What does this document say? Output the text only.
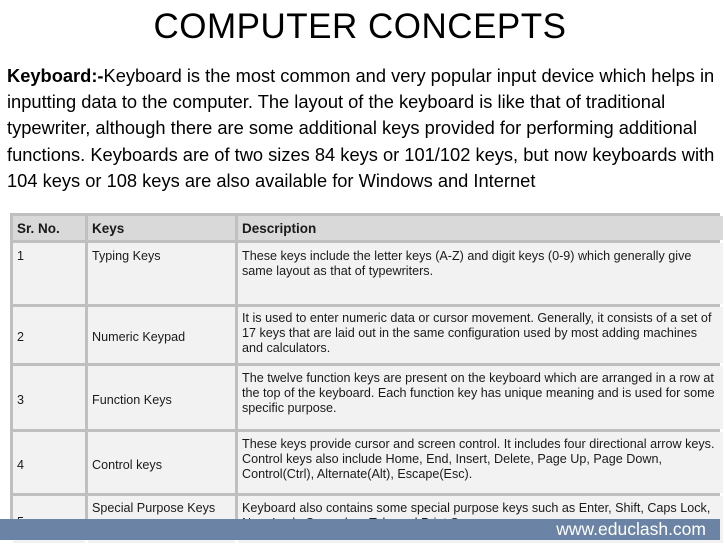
COMPUTER CONCEPTS
Keyboard:-Keyboard is the most common and very popular input device which helps in inputting data to the computer. The layout of the keyboard is like that of traditional typewriter, although there are some additional keys provided for performing additional functions. Keyboards are of two sizes 84 keys or 101/102 keys, but now keyboards with 104 keys or 108 keys are also available for Windows and Internet
Sr. No.	Keys	Description
1	Typing Keys	These keys include the letter keys (A-Z) and digit keys (0-9) which generally give same layout as that of typewriters.
2	Numeric Keypad	It is used to enter numeric data or cursor movement. Generally, it consists of a set of 17 keys that are laid out in the same configuration used by most adding machines and calculators.
3	Function Keys	The twelve function keys are present on the keyboard which are arranged in a row at the top of the keyboard. Each function key has unique meaning and is used for some specific purpose.
4	Control keys	These keys provide cursor and screen control. It includes four directional arrow keys. Control keys also include Home, End, Insert, Delete, Page Up, Page Down, Control(Ctrl), Alternate(Alt), Escape(Esc).
	Special Purpose Keys	Keyboard also contains some special purpose keys such as Enter, Shift, Caps Lock,
www.educlash.com
